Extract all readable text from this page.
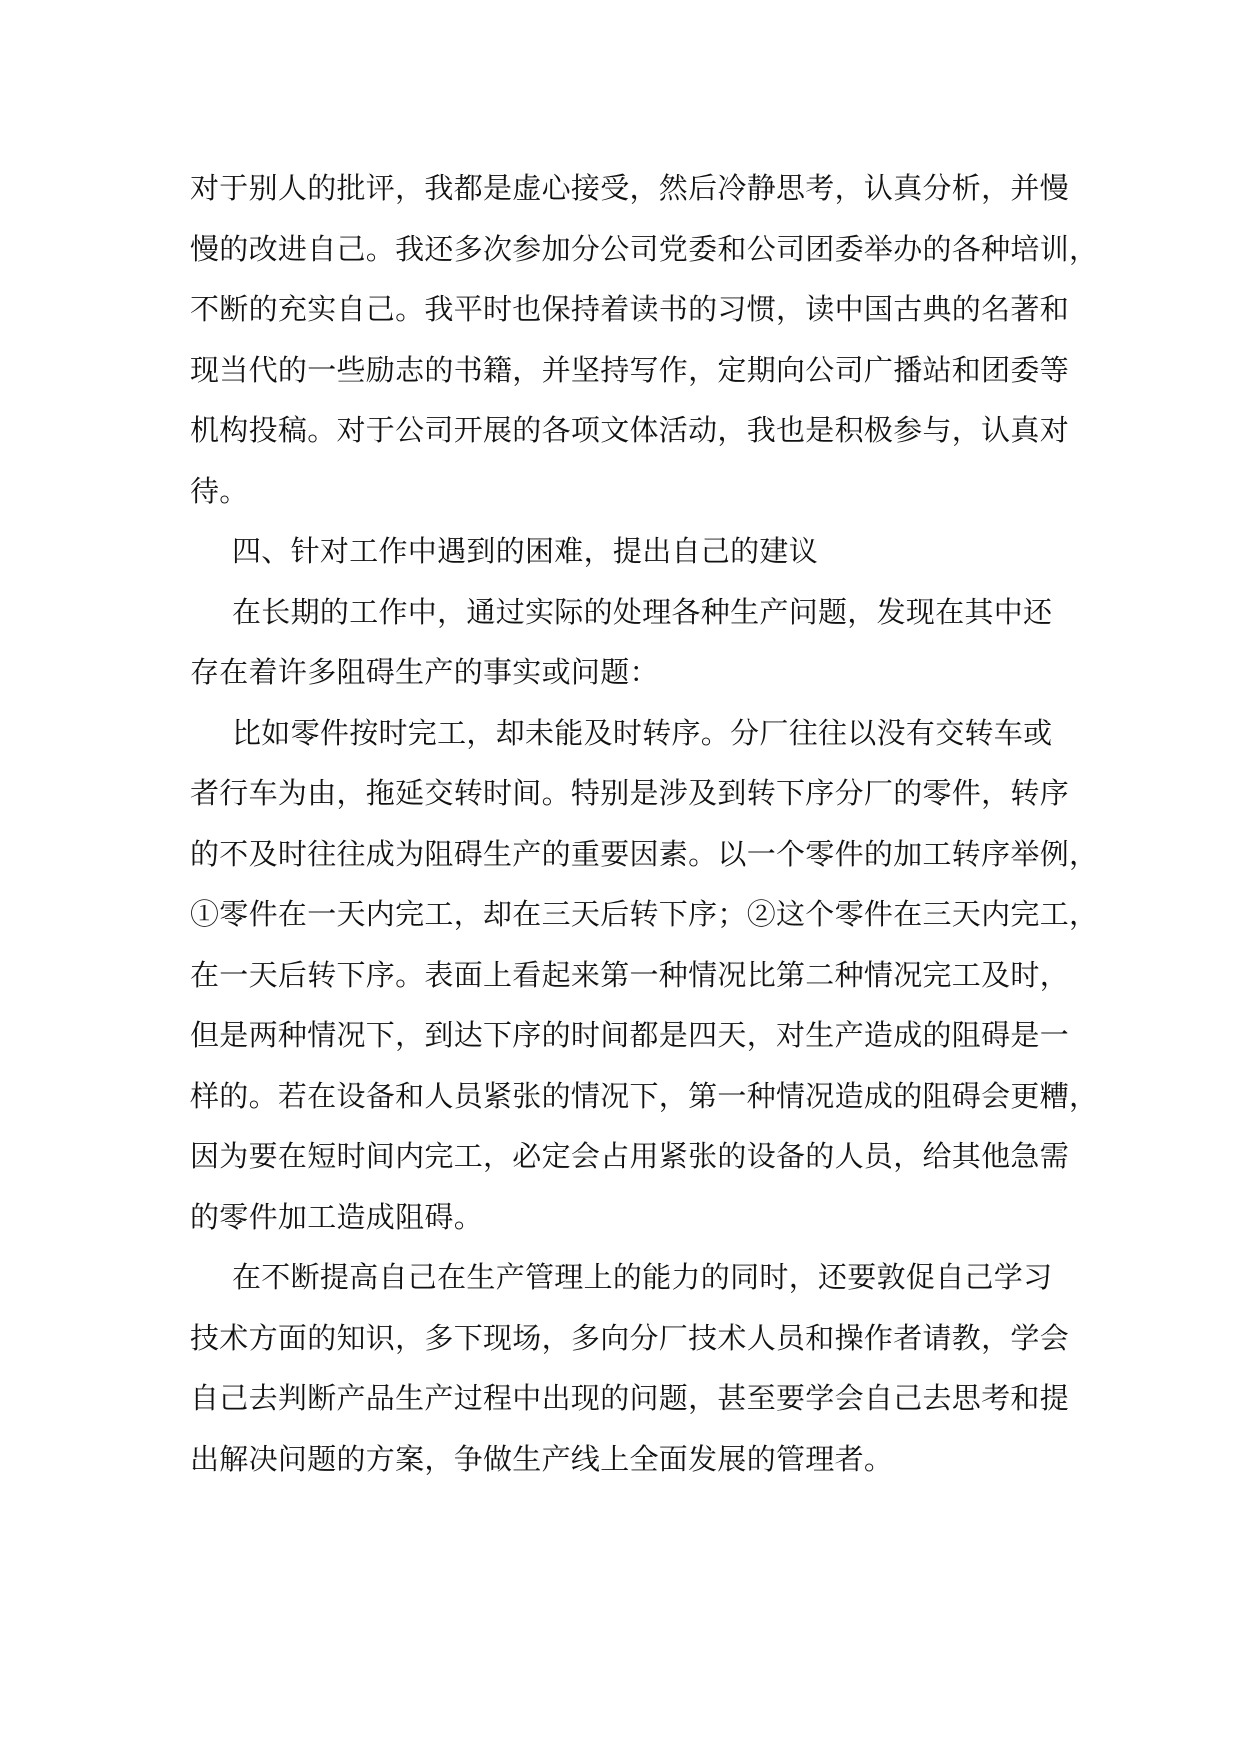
对于别人的批评，我都是虚心接受，然后冷静思考，认真分析，并慢
慢的改进自己。我还多次参加分公司党委和公司团委举办的各种培训，
不断的充实自己。我平时也保持着读书的习惯，读中国古典的名著和
现当代的一些励志的书籍，并坚持写作，定期向公司广播站和团委等
机构投稿。对于公司开展的各项文体活动，我也是积极参与，认真对
待。
四、针对工作中遇到的困难，提出自己的建议
在长期的工作中，通过实际的处理各种生产问题，发现在其中还
存在着许多阻碍生产的事实或问题：
比如零件按时完工，却未能及时转序。分厂往往以没有交转车或
者行车为由，拖延交转时间。特别是涉及到转下序分厂的零件，转序
的不及时往往成为阻碍生产的重要因素。以一个零件的加工转序举例，
①零件在一天内完工，却在三天后转下序；②这个零件在三天内完工，
在一天后转下序。表面上看起来第一种情况比第二种情况完工及时，
但是两种情况下，到达下序的时间都是四天，对生产造成的阻碍是一
样的。若在设备和人员紧张的情况下，第一种情况造成的阻碍会更糟，
因为要在短时间内完工，必定会占用紧张的设备的人员，给其他急需
的零件加工造成阻碍。
在不断提高自己在生产管理上的能力的同时，还要敦促自己学习
技术方面的知识，多下现场，多向分厂技术人员和操作者请教，学会
自己去判断产品生产过程中出现的问题，甚至要学会自己去思考和提
出解决问题的方案，争做生产线上全面发展的管理者。
